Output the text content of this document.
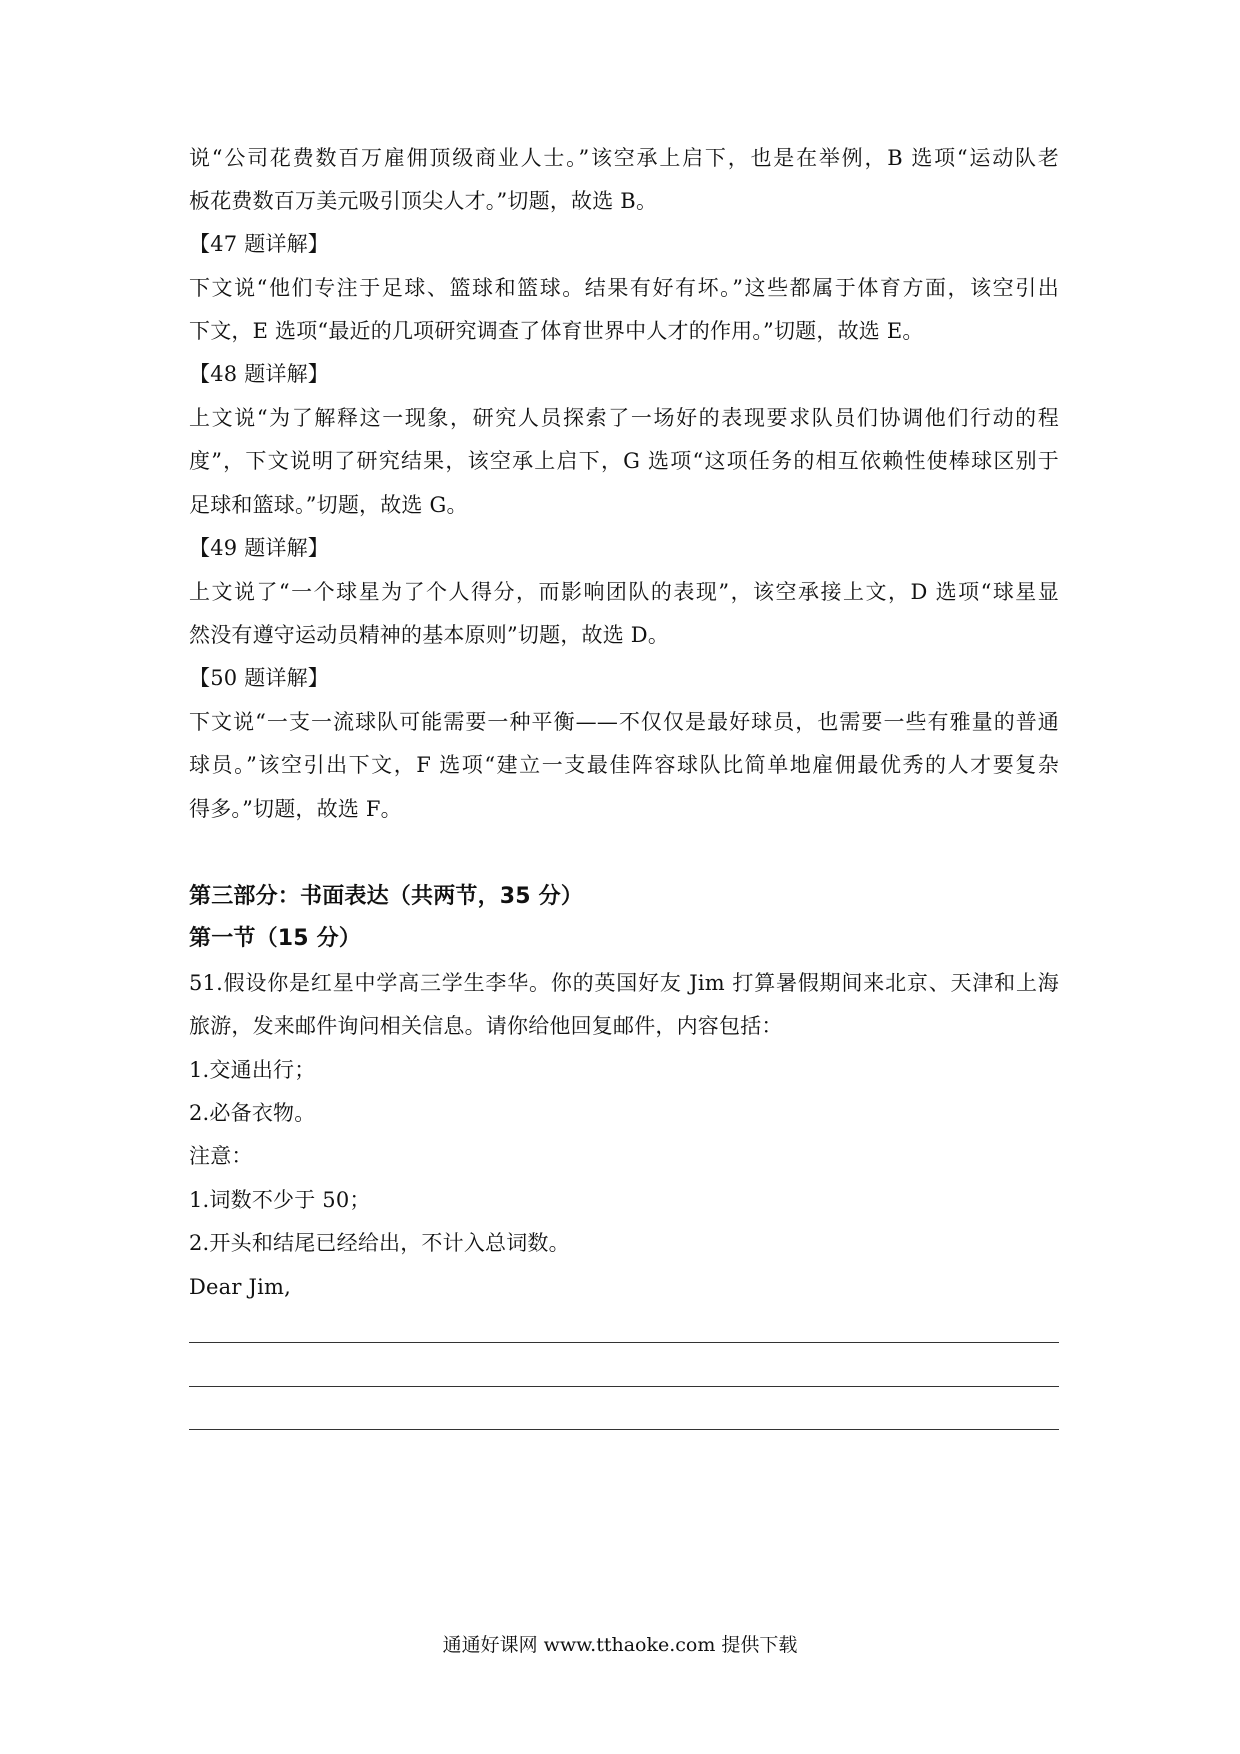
说“公司花费数百万雇佣顶级商业人士。”该空承上启下，也是在举例，B 选项“运动队老
板花费数百万美元吸引顶尖人才。”切题，故选 B。
【47 题详解】
下文说“他们专注于足球、篮球和篮球。结果有好有坏。”这些都属于体育方面，该空引出
下文，E 选项“最近的几项研究调查了体育世界中人才的作用。”切题，故选 E。
【48 题详解】
上文说“为了解释这一现象，研究人员探索了一场好的表现要求队员们协调他们行动的程
度”，下文说明了研究结果，该空承上启下，G 选项“这项任务的相互依赖性使棒球区别于
足球和篮球。”切题，故选 G。
【49 题详解】
上文说了“一个球星为了个人得分，而影响团队的表现”，该空承接上文，D 选项“球星显
然没有遵守运动员精神的基本原则”切题，故选 D。
【50 题详解】
下文说“一支一流球队可能需要一种平衡——不仅仅是最好球员，也需要一些有雅量的普通
球员。”该空引出下文，F 选项“建立一支最佳阵容球队比简单地雇佣最优秀的人才要复杂
得多。”切题，故选 F。
第三部分：书面表达（共两节，35 分）
第一节（15 分）
51.假设你是红星中学高三学生李华。你的英国好友 Jim 打算暑假期间来北京、天津和上海
旅游，发来邮件询问相关信息。请你给他回复邮件，内容包括：
1.交通出行；
2.必备衣物。
注意：
1.词数不少于 50；
2.开头和结尾已经给出，不计入总词数。
Dear Jim,
通通好课网 www.tthaoke.com 提供下载
